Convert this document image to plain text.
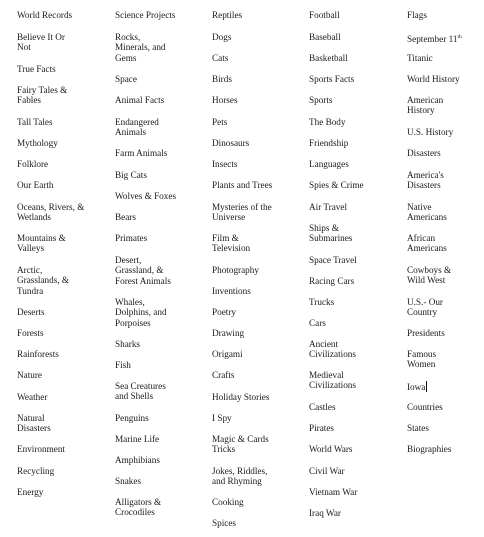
World Records
Believe It Or Not
True Facts
Fairy Tales & Fables
Tall Tales
Mythology
Folklore
Our Earth
Oceans, Rivers, & Wetlands
Mountains & Valleys
Arctic, Grasslands, & Tundra
Deserts
Forests
Rainforests
Nature
Weather
Natural Disasters
Environment
Recycling
Energy
Science Projects
Rocks, Minerals, and Gems
Space
Animal Facts
Endangered Animals
Farm Animals
Big Cats
Wolves & Foxes
Bears
Primates
Desert, Grassland, & Forest Animals
Whales, Dolphins, and Porpoises
Sharks
Fish
Sea Creatures and Shells
Penguins
Marine Life
Amphibians
Snakes
Alligators & Crocodiles
Reptiles
Dogs
Cats
Birds
Horses
Pets
Dinosaurs
Insects
Plants and Trees
Mysteries of the Universe
Film & Television
Photography
Inventions
Poetry
Drawing
Origami
Crafts
Holiday Stories
I Spy
Magic & Cards Tricks
Jokes, Riddles, and Rhyming
Cooking
Spices
Football
Baseball
Basketball
Sports Facts
Sports
The Body
Friendship
Languages
Spies & Crime
Air Travel
Ships & Submarines
Space Travel
Racing Cars
Trucks
Cars
Ancient Civilizations
Medieval Civilizations
Castles
Pirates
World Wars
Civil War
Vietnam War
Iraq War
Flags
September 11th
Titanic
World History
American History
U.S. History
Disasters
America's Disasters
Native Americans
African Americans
Cowboys & Wild West
U.S.- Our Country
Presidents
Famous Women
Iowa
Countries
States
Biographies
